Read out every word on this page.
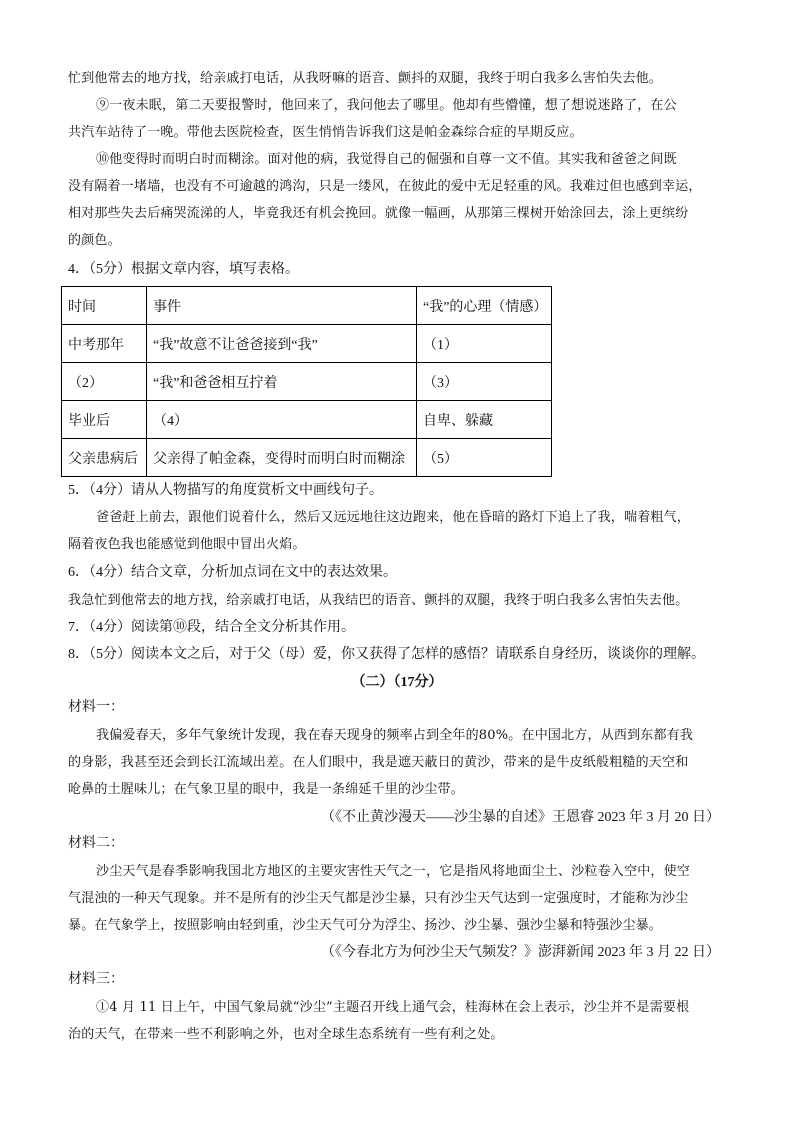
忙到他常去的地方找，给亲戚打电话，从我呀嘛的语音、颤抖的双腿，我终于明白我多么害怕失去他。
⑨一夜未眠，第二天要报警时，他回来了，我问他去了哪里。他却有些懵懂，想了想说迷路了，在公
共汽车站待了一晚。带他去医院检查，医生悄悄告诉我们这是帕金森综合症的早期反应。
⑩他变得时而明白时而糊涂。面对他的病，我觉得自己的倔强和自尊一文不值。其实我和爸爸之间既
没有隔着一堵墙，也没有不可逾越的鸿沟，只是一缕风，在彼此的爱中无足轻重的风。我难过但也感到幸运，
相对那些失去后痛哭流涕的人，毕竟我还有机会挽回。就像一幅画，从那第三棵树开始涂回去，涂上更缤纷
的颜色。
4．（5分）根据文章内容，填写表格。
时间	事件	“我”的心理（情感）
中考那年	“我”故意不让爸爸接到“我”	（1）
（2）	“我”和爸爸相互拧着	（3）
毕业后	（4）	自卑、躲藏
父亲患病后	父亲得了帕金森，变得时而明白时而糊涂	（5）
5．（4分）请从人物描写的角度赏析文中画线句子。
爸爸赶上前去，跟他们说着什么，然后又远远地往这边跑来，他在昏暗的路灯下追上了我，喘着粗气，
隔着夜色我也能感觉到他眼中冒出火焰。
6．（4分）结合文章，分析加点词在文中的表达效果。
我急忙到他常去的地方找，给亲戚打电话，从我结巴的语音、颤抖的双腿，我终于明白我多么害怕失去他。
7．（4分）阅读第⑩段，结合全文分析其作用。
8．（5分）阅读本文之后，对于父（母）爱，你又获得了怎样的感悟？请联系自身经历，谈谈你的理解。
（二）（17分）
材料一：
我偏爱春天，多年气象统计发现，我在春天现身的频率占到全年的80%。在中国北方，从西到东都有我
的身影，我甚至还会到长江流域出差。在人们眼中，我是遮天蔽日的黄沙，带来的是牛皮纸般粗糙的天空和
呛鼻的土腥味儿；在气象卫星的眼中，我是一条绵延千里的沙尘带。
（《不止黄沙漫天——沙尘暴的自述》王恩睿 2023 年 3 月 20 日）
材料二：
沙尘天气是春季影响我国北方地区的主要灾害性天气之一，它是指风将地面尘土、沙粒卷入空中，使空
气混浊的一种天气现象。并不是所有的沙尘天气都是沙尘暴，只有沙尘天气达到一定强度时，才能称为沙尘
暴。在气象学上，按照影响由轻到重，沙尘天气可分为浮尘、扬沙、沙尘暴、强沙尘暴和特强沙尘暴。
（《今春北方为何沙尘天气频发？》澎湃新闻 2023 年 3 月 22 日）
材料三：
①4 月 11 日上午，中国气象局就“沙尘”主题召开线上通气会，桂海林在会上表示，沙尘并不是需要根
治的天气，在带来一些不利影响之外，也对全球生态系统有一些有利之处。
